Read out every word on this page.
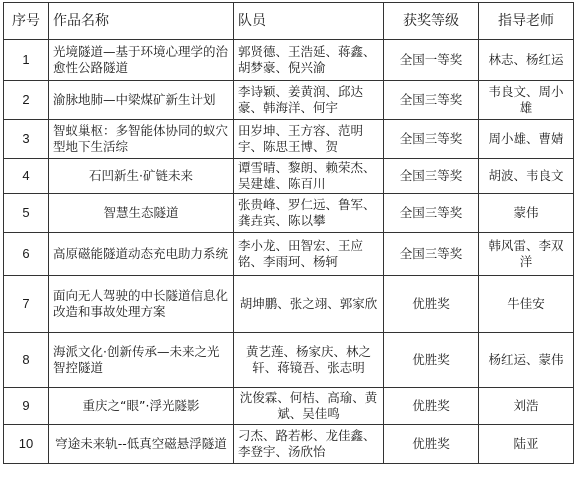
序号	作品名称	队员	获奖等级	指导老师
1	光境隧道—基于环境心理学的治愈性公路隧道	郭贤德、王浩延、蒋鑫、胡梦豪、倪兴渝	全国一等奖	林志、杨红运
2	渝脉地肺—中梁煤矿新生计划	李诗颖、姜黄润、邱达豪、韩海洋、何宇	全国三等奖	韦良文、周小雄
3	智蚁巢枢：多智能体协同的蚁穴型地下生活综	田岁坤、王方容、范明宇、陈思王博、贺	全国三等奖	周小雄、曹婧
4	石凹新生·矿链未来	谭雪晴、黎朗、赖荣杰、吴建雄、陈百川	全国三等奖	胡波、韦良文
5	智慧生态隧道	张贵峰、罗仁远、鲁军、龚垚宾、陈以攀	全国三等奖	蒙伟
6	高原磁能隧道动态充电助力系统	李小龙、田智宏、王应铭、李雨珂、杨轲	全国三等奖	韩风雷、李双洋
7	面向无人驾驶的中长隧道信息化改造和事故处理方案	胡坤鹏、张之翊、郭家欣	优胜奖	牛佳安
8	海派文化·创新传承—未来之光智控隧道	黄艺莲、杨家庆、林之轩、蒋镜吾、张志明	优胜奖	杨红运、蒙伟
9	重庆之“眼”·浮光隧影	沈俊霖、何桔、高瑜、黄斌、吴佳鸣	优胜奖	刘浩
10	穹途未来轨--低真空磁悬浮隧道	刁杰、路若彬、龙佳鑫、李登宇、汤欣怡	优胜奖	陆亚
